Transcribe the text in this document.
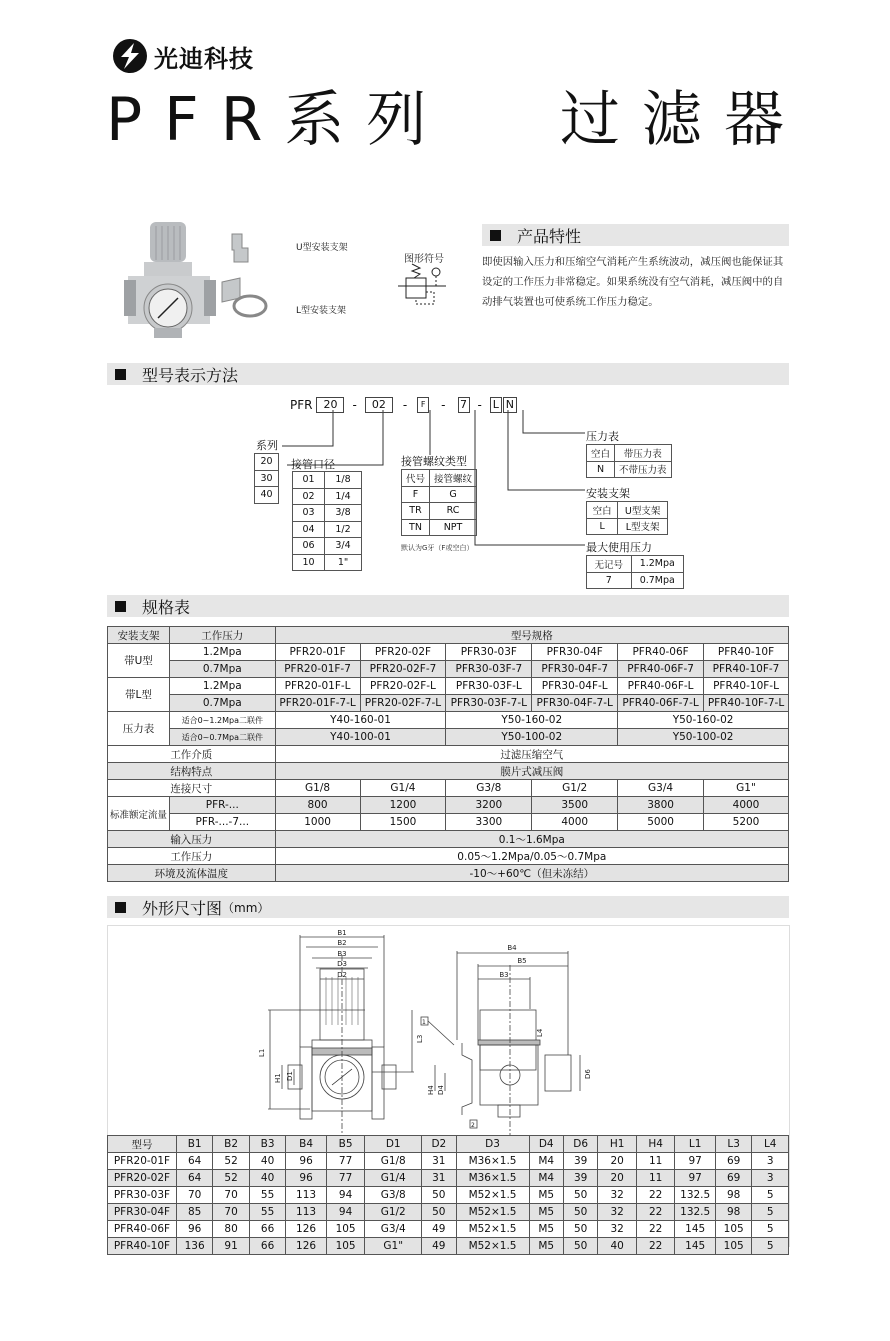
光迪科技
PFR系列 过滤器
U型安装支架
L型安装支架
图形符号
产品特性
即使因输入压力和压缩空气消耗产生系统波动，减压阀也能保证其设定的工作压力非常稳定。如果系统没有空气消耗，减压阀中的自动排气装置也可使系统工作压力稳定。
型号表示方法
PFR	20	-	02	-	F	- 7 - L N
系列
20
30
40
接管口径
01	1/8
02	1/4
03	3/8
04	1/2
06	3/4
10	1"
接管螺纹类型
代号	接管螺纹
F	G
TR	RC
TN	NPT
默认为G牙（F或空白）
压力表
空白	带压力表
N	不带压力表
安装支架
空白	U型支架
L	L型支架
最大使用压力
无记号	1.2Mpa
7	0.7Mpa
规格表
安装支架	工作压力	型号规格					
带U型	1.2Mpa	PFR20-01F	PFR20-02F	PFR30-03F	PFR30-04F	PFR40-06F	PFR40-10F
	0.7Mpa	PFR20-01F-7	PFR20-02F-7	PFR30-03F-7	PFR30-04F-7	PFR40-06F-7	PFR40-10F-7
带L型	1.2Mpa	PFR20-01F-L	PFR20-02F-L	PFR30-03F-L	PFR30-04F-L	PFR40-06F-L	PFR40-10F-L
	0.7Mpa	PFR20-01F-7-L	PFR20-02F-7-L	PFR30-03F-7-L	PFR30-04F-7-L	PFR40-06F-7-L	PFR40-10F-7-L
压力表	适合0~1.2Mpa二联件	Y40-160-01		Y50-160-02		Y50-160-02	
	适合0~0.7Mpa二联件	Y40-100-01		Y50-100-02		Y50-100-02	
工作介质		过滤压缩空气					
结构特点		膜片式减压阀					
连接尺寸		G1/8	G1/4	G3/8	G1/2	G3/4	G1"
标准额定流量	PFR-...	800	1200	3200	3500	3800	4000
	PFR-...-7...	1000	1500	3300	4000	5000	5200
输入压力		0.1～1.6Mpa					
工作压力		0.05～1.2Mpa/0.05～0.7Mpa					
环境及流体温度		-10～+60℃（但未冻结）					
外形尺寸图 （mm）
B1
B2
B3
D3
D2
L1
L3
H1 D1
B4
B5
B3
L4
D6
H4 D4
1
2
型号	B1	B2	B3	B4	B5	D1	D2	D3	D4	D6	H1	H4	L1	L3	L4
PFR20-01F	64	52	40	96	77	G1/8	31	M36×1.5	M4	39	20	11	97	69	3
PFR20-02F	64	52	40	96	77	G1/4	31	M36×1.5	M4	39	20	11	97	69	3
PFR30-03F	70	70	55	113	94	G3/8	50	M52×1.5	M5	50	32	22	132.5	98	5
PFR30-04F	85	70	55	113	94	G1/2	50	M52×1.5	M5	50	32	22	132.5	98	5
PFR40-06F	96	80	66	126	105	G3/4	49	M52×1.5	M5	50	32	22	145	105	5
PFR40-10F	136	91	66	126	105	G1"	49	M52×1.5	M5	50	40	22	145	105	5
